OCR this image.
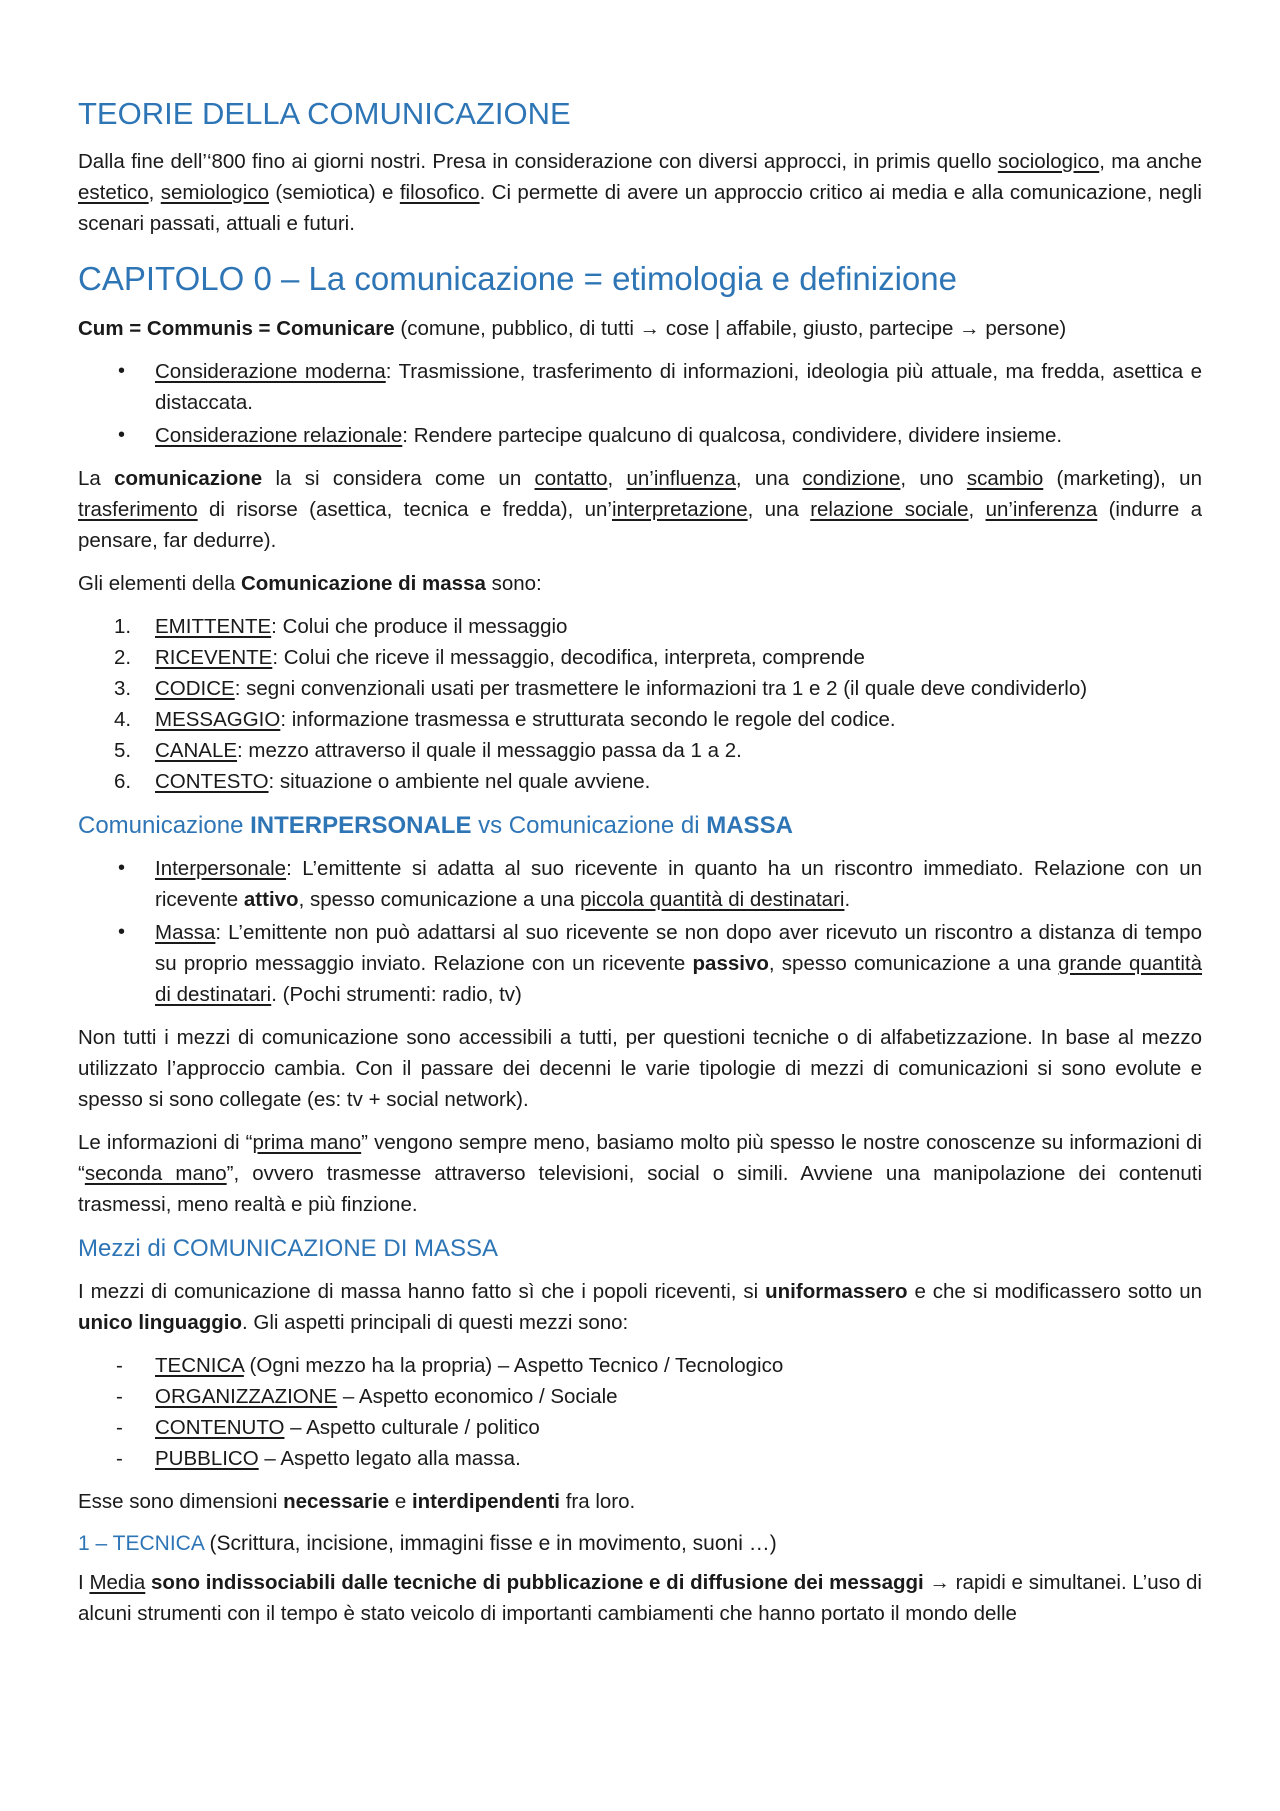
TEORIE DELLA COMUNICAZIONE

Dalla fine dell’‘800 fino ai giorni nostri. Presa in considerazione con diversi approcci, in primis quello sociologico, ma anche estetico, semiologico (semiotica) e filosofico. Ci permette di avere un approccio critico ai media e alla comunicazione, negli scenari passati, attuali e futuri.

CAPITOLO 0 – La comunicazione = etimologia e definizione

Cum = Communis = Comunicare (comune, pubblico, di tutti → cose | affabile, giusto, partecipe → persone)

•	Considerazione moderna: Trasmissione, trasferimento di informazioni, ideologia più attuale, ma fredda, asettica e distaccata.
•	Considerazione relazionale: Rendere partecipe qualcuno di qualcosa, condividere, dividere insieme.

La comunicazione la si considera come un contatto, un’influenza, una condizione, uno scambio (marketing), un trasferimento di risorse (asettica, tecnica e fredda), un’interpretazione, una relazione sociale, un’inferenza (indurre a pensare, far dedurre).

Gli elementi della Comunicazione di massa sono:

1.	EMITTENTE: Colui che produce il messaggio
2.	RICEVENTE: Colui che riceve il messaggio, decodifica, interpreta, comprende
3.	CODICE: segni convenzionali usati per trasmettere le informazioni tra 1 e 2 (il quale deve condividerlo)
4.	MESSAGGIO: informazione trasmessa e strutturata secondo le regole del codice.
5.	CANALE: mezzo attraverso il quale il messaggio passa da 1 a 2.
6.	CONTESTO: situazione o ambiente nel quale avviene.
Comunicazione INTERPERSONALE vs Comunicazione di MASSA
•	Interpersonale: L’emittente si adatta al suo ricevente in quanto ha un riscontro immediato. Relazione con un ricevente attivo, spesso comunicazione a una piccola quantità di destinatari.
•	Massa: L’emittente non può adattarsi al suo ricevente se non dopo aver ricevuto un riscontro a distanza di tempo su proprio messaggio inviato. Relazione con un ricevente passivo, spesso comunicazione a una grande quantità di destinatari. (Pochi strumenti: radio, tv)

Non tutti i mezzi di comunicazione sono accessibili a tutti, per questioni tecniche o di alfabetizzazione. In base al mezzo utilizzato l’approccio cambia. Con il passare dei decenni le varie tipologie di mezzi di comunicazioni si sono evolute e spesso si sono collegate (es: tv + social network).

Le informazioni di “prima mano” vengono sempre meno, basiamo molto più spesso le nostre conoscenze su informazioni di “seconda mano”, ovvero trasmesse attraverso televisioni, social o simili. Avviene una manipolazione dei contenuti trasmessi, meno realtà e più finzione.

Mezzi di COMUNICAZIONE DI MASSA

I mezzi di comunicazione di massa hanno fatto sì che i popoli riceventi, si uniformassero e che si modificassero sotto un unico linguaggio. Gli aspetti principali di questi mezzi sono:

-	TECNICA (Ogni mezzo ha la propria) – Aspetto Tecnico / Tecnologico
-	ORGANIZZAZIONE – Aspetto economico / Sociale
-	CONTENUTO – Aspetto culturale / politico
-	PUBBLICO – Aspetto legato alla massa.

Esse sono dimensioni necessarie e interdipendenti fra loro.

1 – TECNICA (Scrittura, incisione, immagini fisse e in movimento, suoni …)

I Media sono indissociabili dalle tecniche di pubblicazione e di diffusione dei messaggi → rapidi e simultanei. L’uso di alcuni strumenti con il tempo è stato veicolo di importanti cambiamenti che hanno portato il mondo delle
